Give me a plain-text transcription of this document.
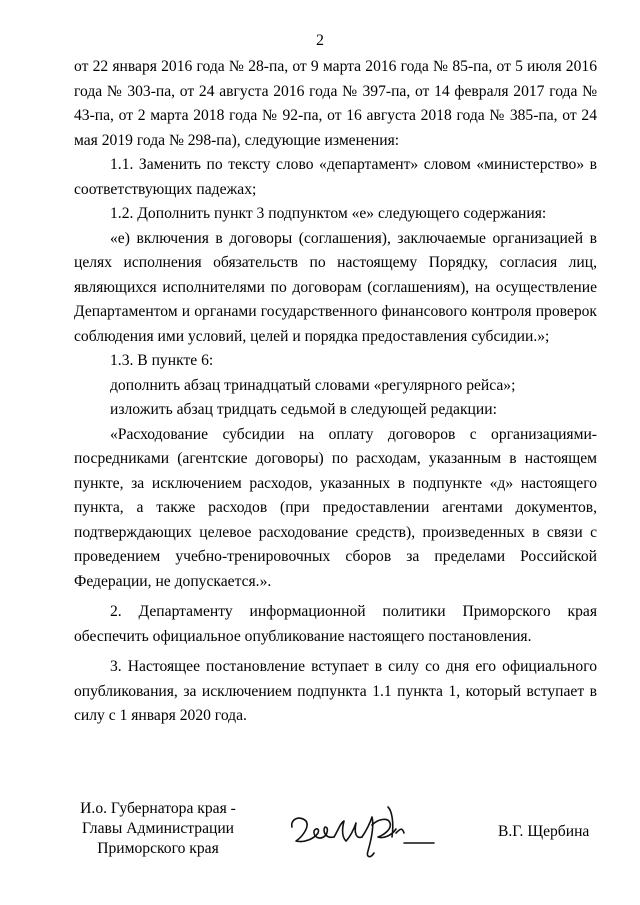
2

от 22 января 2016 года № 28-па, от 9 марта 2016 года № 85-па, от 5 июля 2016 года № 303-па, от 24 августа 2016 года № 397-па, от 14 февраля 2017 года № 43-па, от 2 марта 2018 года № 92-па, от 16 августа 2018 года № 385-па, от 24 мая 2019 года № 298-па), следующие изменения:

1.1. Заменить по тексту слово «департамент» словом «министерство» в соответствующих падежах;

1.2. Дополнить пункт 3 подпунктом «е» следующего содержания:

«е) включения в договоры (соглашения), заключаемые организацией в целях исполнения обязательств по настоящему Порядку, согласия лиц, являющихся исполнителями по договорам (соглашениям), на осуществление Департаментом и органами государственного финансового контроля проверок соблюдения ими условий, целей и порядка предоставления субсидии.»;

1.3. В пункте 6:

дополнить абзац тринадцатый словами «регулярного рейса»;

изложить абзац тридцать седьмой в следующей редакции:

«Расходование субсидии на оплату договоров с организациями-посредниками (агентские договоры) по расходам, указанным в настоящем пункте, за исключением расходов, указанных в подпункте «д» настоящего пункта, а также расходов (при предоставлении агентами документов, подтверждающих целевое расходование средств), произведенных в связи с проведением учебно-тренировочных сборов за пределами Российской Федерации, не допускается.».

2. Департаменту информационной политики Приморского края обеспечить официальное опубликование настоящего постановления.

3. Настоящее постановление вступает в силу со дня его официального опубликования, за исключением подпункта 1.1 пункта 1, который вступает в силу с 1 января 2020 года.

И.о. Губернатора края -
Главы Администрации
Приморского края
В.Г. Щербина
